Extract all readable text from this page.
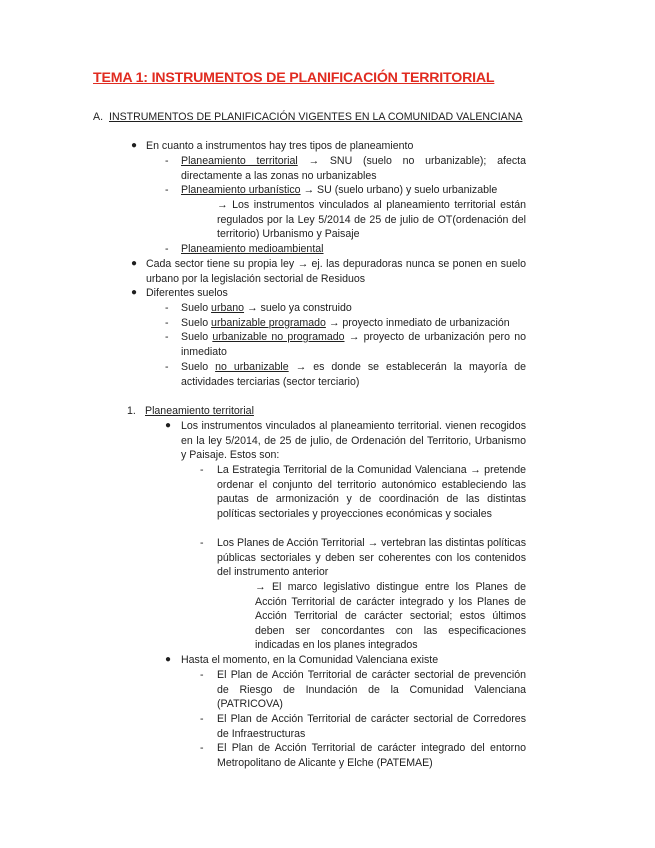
TEMA 1: INSTRUMENTOS DE PLANIFICACIÓN TERRITORIAL
A. INSTRUMENTOS DE PLANIFICACIÓN VIGENTES EN LA COMUNIDAD VALENCIANA
● En cuanto a instrumentos hay tres tipos de planeamiento
-	Planeamiento territorial → SNU (suelo no urbanizable); afecta directamente a las zonas no urbanizables
-	Planeamiento urbanístico → SU (suelo urbano) y suelo urbanizable
→ Los instrumentos vinculados al planeamiento territorial están regulados por la Ley 5/2014 de 25 de julio de OT(ordenación del territorio) Urbanismo y Paisaje
-	Planeamiento medioambiental
● Cada sector tiene su propia ley → ej. las depuradoras nunca se ponen en suelo urbano por la legislación sectorial de Residuos
● Diferentes suelos
-	Suelo urbano → suelo ya construido
-	Suelo urbanizable programado → proyecto inmediato de urbanización
-	Suelo urbanizable no programado → proyecto de urbanización pero no inmediato
-	Suelo no urbanizable → es donde se establecerán la mayoría de actividades terciarias (sector terciario)
1. Planeamiento territorial
● Los instrumentos vinculados al planeamiento territorial. vienen recogidos en la ley 5/2014, de 25 de julio, de Ordenación del Territorio, Urbanismo y Paisaje. Estos son:
-	La Estrategia Territorial de la Comunidad Valenciana → pretende ordenar el conjunto del territorio autonómico estableciendo las pautas de armonización y de coordinación de las distintas políticas sectoriales y proyecciones económicas y sociales
-	Los Planes de Acción Territorial → vertebran las distintas políticas públicas sectoriales y deben ser coherentes con los contenidos del instrumento anterior
→ El marco legislativo distingue entre los Planes de Acción Territorial de carácter integrado y los Planes de Acción Territorial de carácter sectorial; estos últimos deben ser concordantes con las especificaciones indicadas en los planes integrados
● Hasta el momento, en la Comunidad Valenciana existe
-	El Plan de Acción Territorial de carácter sectorial de prevención de Riesgo de Inundación de la Comunidad Valenciana (PATRICOVA)
-	El Plan de Acción Territorial de carácter sectorial de Corredores de Infraestructuras
-	El Plan de Acción Territorial de carácter integrado del entorno Metropolitano de Alicante y Elche (PATEMAE)
